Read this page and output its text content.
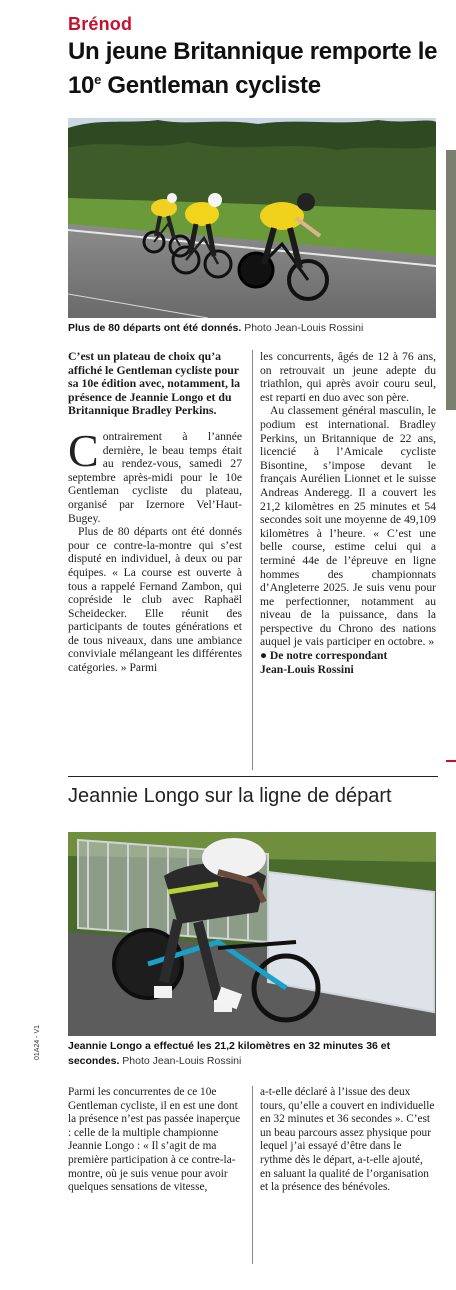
Brénod
Un jeune Britannique remporte le 10e Gentleman cycliste
Plus de 80 départs ont été donnés. Photo Jean-Louis Rossini

C’est un plateau de choix qu’a affiché le Gentleman cycliste pour sa 10e édition avec, notamment, la présence de Jeannie Longo et du Britannique Bradley Perkins.

Contrairement à l’année dernière, le beau temps était au rendez-vous, samedi 27 septembre après-midi pour le 10e Gentleman cycliste du plateau, organisé par Izernore Vel’Haut-Bugey.

Plus de 80 départs ont été donnés pour ce contre-la-montre qui s’est disputé en individuel, à deux ou par équipes. « La course est ouverte à tous a rappelé Fernand Zambon, qui copréside le club avec Raphaël Scheidecker. Elle réunit des participants de toutes générations et de tous niveaux, dans une ambiance conviviale mélangeant les différentes catégories. » Parmi

les concurrents, âgés de 12 à 76 ans, on retrouvait un jeune adepte du triathlon, qui après avoir couru seul, est reparti en duo avec son père.

Au classement général masculin, le podium est international. Bradley Perkins, un Britannique de 22 ans, licencié à l’Amicale cycliste Bisontine, s’impose devant le français Aurélien Lionnet et le suisse Andreas Anderegg. Il a couvert les 21,2 kilomètres en 25 minutes et 54 secondes soit une moyenne de 49,109 kilomètres à l’heure. « C’est une belle course, estime celui qui a terminé 44e de l’épreuve en ligne hommes des championnats d’Angleterre 2025. Je suis venu pour me perfectionner, notamment au niveau de la puissance, dans la perspective du Chrono des nations auquel je vais participer en octobre. »

● De notre correspondant

Jean-Louis Rossini

Jeannie Longo sur la ligne de départ
Jeannie Longo a effectué les 21,2 kilomètres en 32 minutes 36 et secondes. Photo Jean-Louis Rossini

Parmi les concurrentes de ce 10e Gentleman cycliste, il en est une dont la présence n’est pas passée inaperçue : celle de la multiple championne Jeannie Longo : « Il s’agit de ma première participation à ce contre-la-montre, où je suis venue pour avoir quelques sensations de vitesse,

a-t-elle déclaré à l’issue des deux tours, qu’elle a couvert en individuelle en 32 minutes et 36 secondes ». C’est un beau parcours assez physique pour lequel j’ai essayé d’être dans le rythme dès le départ, a-t-elle ajouté, en saluant la qualité de l’organisation et la présence des bénévoles.

01A24 - V1
